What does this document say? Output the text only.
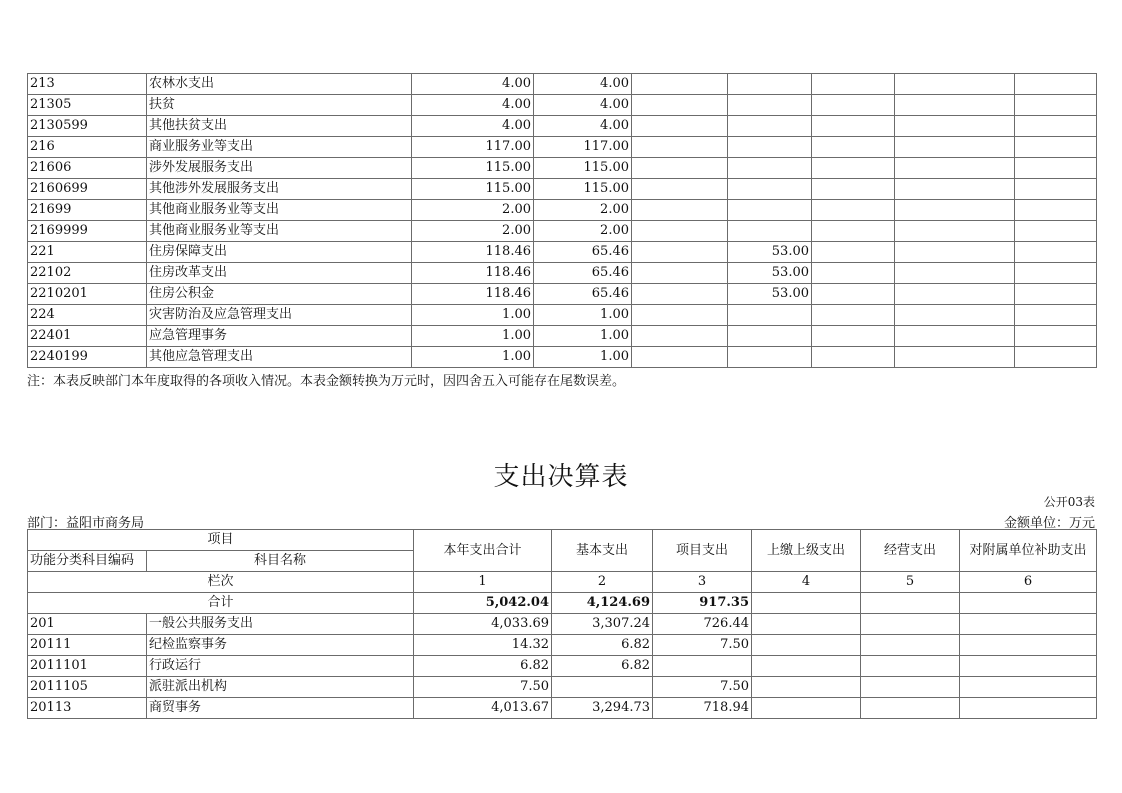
213	农林水支出	4.00	4.00					
21305	扶贫	4.00	4.00					
2130599	其他扶贫支出	4.00	4.00					
216	商业服务业等支出	117.00	117.00					
21606	涉外发展服务支出	115.00	115.00					
2160699	其他涉外发展服务支出	115.00	115.00					
21699	其他商业服务业等支出	2.00	2.00					
2169999	其他商业服务业等支出	2.00	2.00					
221	住房保障支出	118.46	65.46		53.00			
22102	住房改革支出	118.46	65.46		53.00			
2210201	住房公积金	118.46	65.46		53.00			
224	灾害防治及应急管理支出	1.00	1.00					
22401	应急管理事务	1.00	1.00					
2240199	其他应急管理支出	1.00	1.00					
注：本表反映部门本年度取得的各项收入情况。本表金额转换为万元时，因四舍五入可能存在尾数误差。
支出决算表
公开03表
部门：益阳市商务局	金额单位：万元
项目		本年支出合计	基本支出	项目支出	上缴上级支出	经营支出	对附属单位补助支出
功能分类科目编码	科目名称						
栏次		1	2	3	4	5	6
合计		5,042.04	4,124.69	917.35			
201	一般公共服务支出	4,033.69	3,307.24	726.44			
20111	纪检监察事务	14.32	6.82	7.50			
2011101	行政运行	6.82	6.82				
2011105	派驻派出机构	7.50		7.50			
20113	商贸事务	4,013.67	3,294.73	718.94			
